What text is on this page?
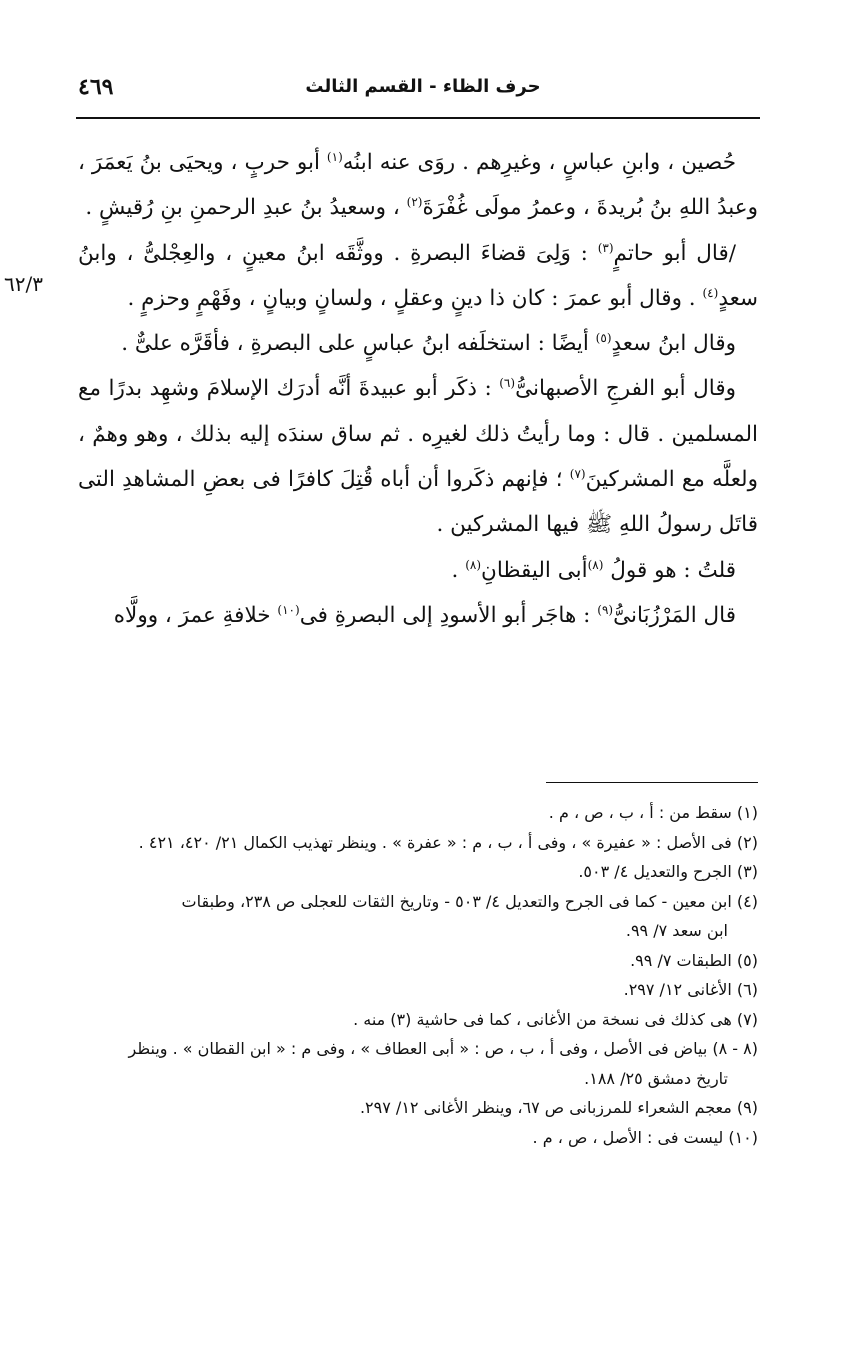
حرف الظاء - القسم الثالث
٤٦٩
٦٢/٣

حُصين ، وابنِ عباسٍ ، وغيرِهم . روَى عنه ابنُه$^{(١)}$ أبو حربٍ ، ويحيَى بنُ يَعمَرَ ، وعبدُ اللهِ بنُ بُريدةَ ، وعمرُ مولَى غُفْرَةَ$^{(٢)}$ ، وسعيدُ بنُ عبدِ الرحمنِ بنِ رُقيشٍ .

/قال أبو حاتمٍ$^{(٣)}$ : وَلِىَ قضاءَ البصرةِ . ووثَّقَه ابنُ معينٍ ، والعِجْلىُّ ، وابنُ سعدٍ$^{(٤)}$ . وقال أبو عمرَ : كان ذا دينٍ وعقلٍ ، ولسانٍ وبيانٍ ، وفَهْمٍ وحزمٍ .

وقال ابنُ سعدٍ$^{(٥)}$ أيضًا : استخلَفه ابنُ عباسٍ على البصرةِ ، فأقَرَّه علىٌّ .

وقال أبو الفرجِ الأصبهانىُّ$^{(٦)}$ : ذكَر أبو عبيدةَ أنَّه أدرَك الإسلامَ وشهِد بدرًا مع المسلمين . قال : وما رأيتُ ذلك لغيرِه . ثم ساق سندَه إليه بذلك ، وهو وهمٌ ، ولعلَّه مع المشركينَ$^{(٧)}$ ؛ فإنهم ذكَروا أن أباه قُتِلَ كافرًا فى بعضِ المشاهدِ التى قاتَل رسولُ اللهِ ﷺ فيها المشركين .

قلتُ : هو قولُ $^{(٨)}$أبى اليقظانِ$^{(٨)}$ .

قال المَرْزُبَانىُّ$^{(٩)}$ : هاجَر أبو الأسودِ إلى البصرةِ فى$^{(١٠)}$ خلافةِ عمرَ ، وولَّاه

(١) سقط من : أ ، ب ، ص ، م .

(٢) فى الأصل : « عفيرة » ، وفى أ ، ب ، م : « عفرة » . وينظر تهذيب الكمال ٢١/ ٤٢٠، ٤٢١ .

(٣) الجرح والتعديل ٤/ ٥٠٣.

(٤) ابن معين - كما فى الجرح والتعديل ٤/ ٥٠٣ - وتاريخ الثقات للعجلى ص ٢٣٨، وطبقات

ابن سعد ٧/ ٩٩.

(٥) الطبقات ٧/ ٩٩.

(٦) الأغانى ١٢/ ٢٩٧.

(٧) هى كذلك فى نسخة من الأغانى ، كما فى حاشية (٣) منه .

(٨ - ٨) بياض فى الأصل ، وفى أ ، ب ، ص : « أبى العطاف » ، وفى م : « ابن القطان » . وينظر

تاريخ دمشق ٢٥/ ١٨٨.

(٩) معجم الشعراء للمرزبانى ص ٦٧، وينظر الأغانى ١٢/ ٢٩٧.

(١٠) ليست فى : الأصل ، ص ، م .
